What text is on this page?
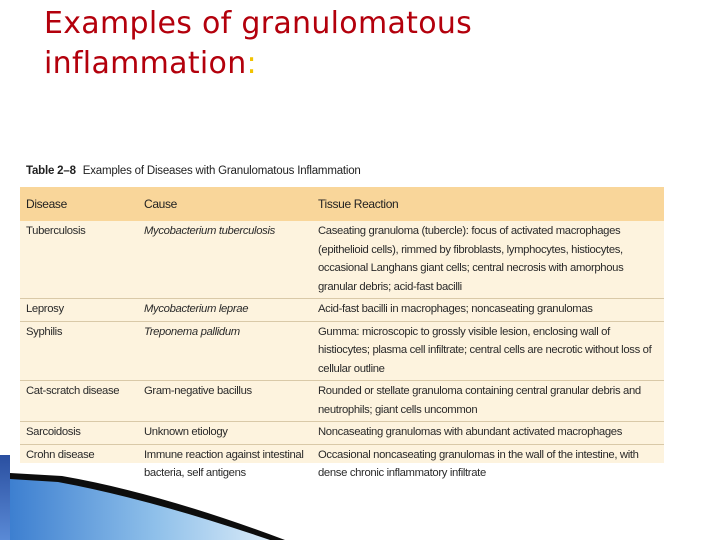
Examples of granulomatous
inflammation:
Table 2–8 Examples of Diseases with Granulomatous Inflammation
Disease	Cause	Tissue Reaction
Tuberculosis	Mycobacterium tuberculosis	Caseating granuloma (tubercle): focus of activated macrophages (epithelioid cells), rimmed by fibroblasts, lymphocytes, histiocytes, occasional Langhans giant cells; central necrosis with amorphous granular debris; acid-fast bacilli
Leprosy	Mycobacterium leprae	Acid-fast bacilli in macrophages; noncaseating granulomas
Syphilis	Treponema pallidum	Gumma: microscopic to grossly visible lesion, enclosing wall of histiocytes; plasma cell infiltrate; central cells are necrotic without loss of cellular outline
Cat-scratch disease	Gram-negative bacillus	Rounded or stellate granuloma containing central granular debris and neutrophils; giant cells uncommon
Sarcoidosis	Unknown etiology	Noncaseating granulomas with abundant activated macrophages
Crohn disease	Immune reaction against intestinal bacteria, self antigens	Occasional noncaseating granulomas in the wall of the intestine, with dense chronic inflammatory infiltrate
